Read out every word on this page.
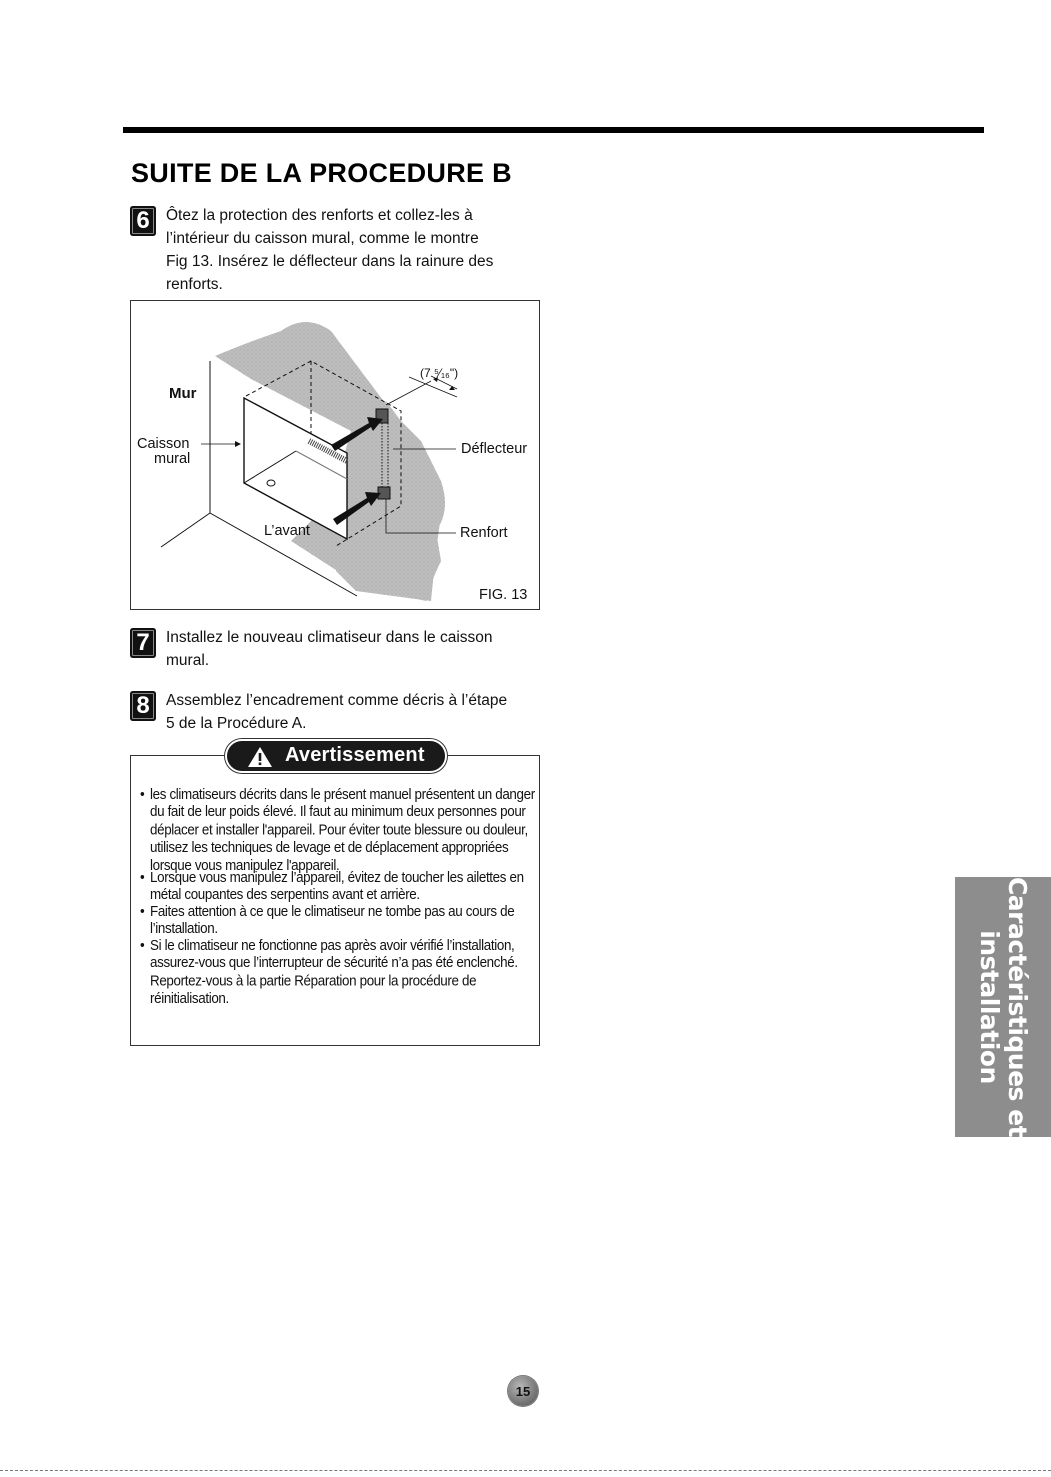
SUITE DE LA PROCEDURE B
6	Ôtez la protection des renforts et collez-les à
l’intérieur du caisson mural, comme le montre
Fig 13. Insérez le déflecteur dans la rainure des
renforts.

Mur
Caisson
mural
L’avant
Déflecteur
Renfort
(7 ⁵⁄₁₆")
FIG. 13
7	Installez le nouveau climatiseur dans le caisson
mural.

8	Assemblez l’encadrement comme décris à l’étape
5 de la Procédure A.

Avertissement
• les climatiseurs décrits dans le présent manuel présentent un danger du fait de leur poids élevé. Il faut au minimum deux personnes pour déplacer et installer l'appareil. Pour éviter toute blessure ou douleur, utilisez les techniques de levage et de déplacement appropriées lorsque vous manipulez l'appareil.
• Lorsque vous manipulez l’appareil, évitez de toucher les ailettes en métal coupantes des serpentins avant et arrière.
• Faites attention à ce que le climatiseur ne tombe pas au cours de l’installation.
• Si le climatiseur ne fonctionne pas après avoir vérifié l’installation, assurez-vous que l’interrupteur de sécurité n’a pas été enclenché. Reportez-vous à la partie Réparation pour la procédure de réinitialisation.	Caractéristiques et
installation
15
